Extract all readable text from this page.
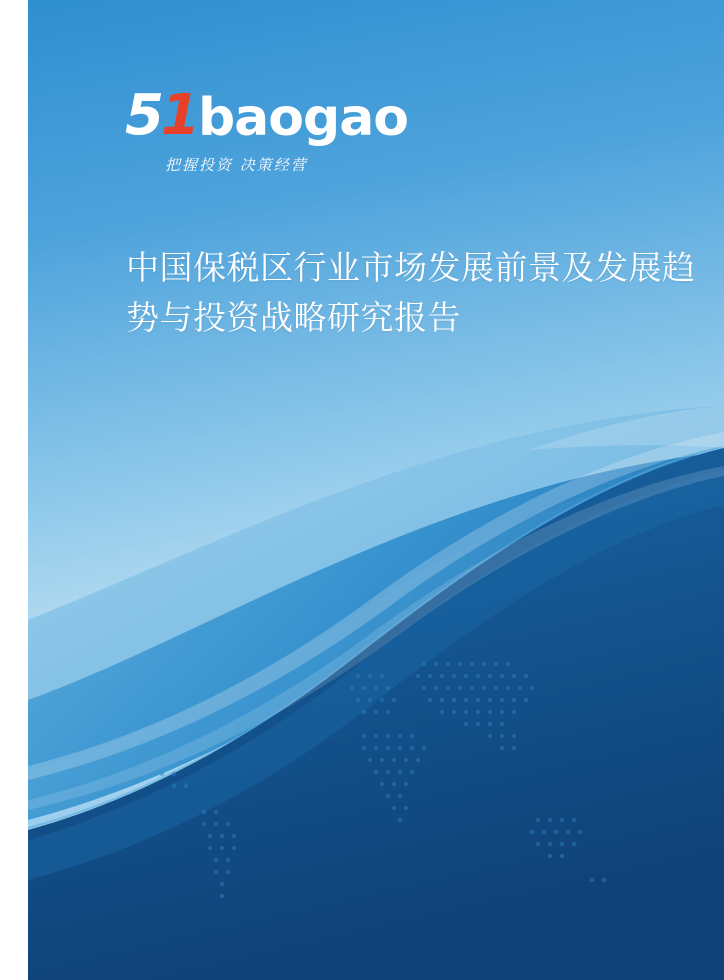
51 baogao
把握投资 决策经营
中国保税区行业市场发展前景及发展趋势与投资战略研究报告
